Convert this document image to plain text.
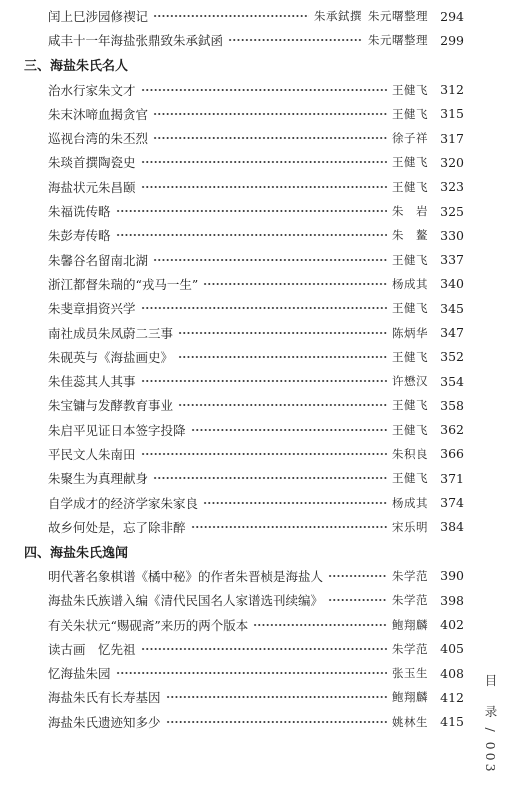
闰上巳涉园修禊记	朱承鉽撰 朱元曙整理 294
咸丰十一年海盐张鼎致朱承鉽函	朱元曙整理 299
三、海盐朱氏名人
治水行家朱文才	王健飞 312
朱末沐啼血揭贪官	王健飞 315
巡视台湾的朱丕烈	徐子祥 317
朱琰首撰陶瓷史	王健飞 320
海盐状元朱昌颐	王健飞 323
朱福诜传略	朱　岩 325
朱彭寿传略	朱　鳌 330
朱馨谷名留南北湖	王健飞 337
浙江都督朱瑞的“戎马一生”	杨成其 340
朱斐章捐资兴学	王健飞 345
南社成员朱凤蔚二三事	陈炳华 347
朱砚英与《海盐画史》	王健飞 352
朱佳蕊其人其事	许懋汉 354
朱宝镛与发酵教育事业	王健飞 358
朱启平见证日本签字投降	王健飞 362
平民文人朱南田	朱积良 366
朱聚生为真理献身	王健飞 371
自学成才的经济学家朱家良	杨成其 374
故乡何处是，忘了除非醉	宋乐明 384
四、海盐朱氏逸闻
明代著名象棋谱《橘中秘》的作者朱晋桢是海盐人	朱学范 390
海盐朱氏族谱入编《清代民国名人家谱选刊续编》	朱学范 398
有关朱状元“赐砚斋”来历的两个版本	鲍翔麟 402
读古画　忆先祖	朱学范 405
忆海盐朱园	张玉生 408
海盐朱氏有长寿基因	鲍翔麟 412
海盐朱氏遗迹知多少	姚林生 415 目　录 / 003
